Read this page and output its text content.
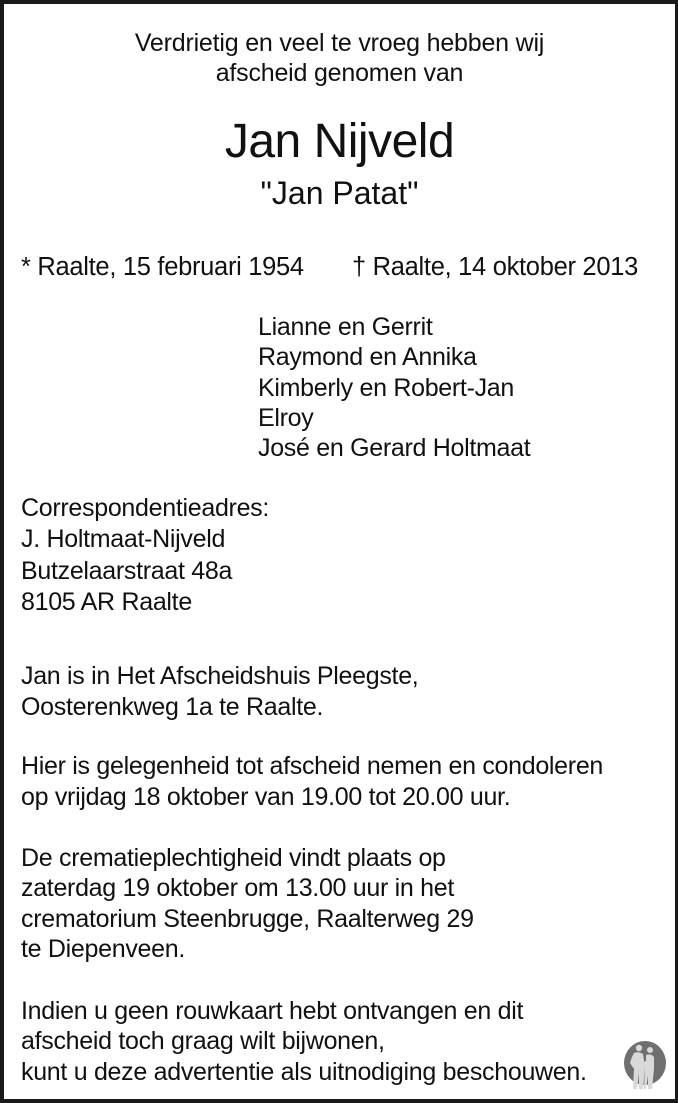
Verdrietig en veel te vroeg hebben wij
afscheid genomen van
Jan Nijveld
"Jan Patat"
* Raalte, 15 februari 1954 † Raalte, 14 oktober 2013
Lianne en Gerrit
Raymond en Annika
Kimberly en Robert-Jan
Elroy
José en Gerard Holtmaat
Correspondentieadres:
J. Holtmaat-Nijveld
Butzelaarstraat 48a
8105 AR Raalte
Jan is in Het Afscheidshuis Pleegste,
Oosterenkweg 1a te Raalte.
Hier is gelegenheid tot afscheid nemen en condoleren
op vrijdag 18 oktober van 19.00 tot 20.00 uur.
De crematieplechtigheid vindt plaats op
zaterdag 19 oktober om 13.00 uur in het
crematorium Steenbrugge, Raalterweg 29
te Diepenveen.
Indien u geen rouwkaart hebt ontvangen en dit
afscheid toch graag wilt bijwonen,
kunt u deze advertentie als uitnodiging beschouwen.
